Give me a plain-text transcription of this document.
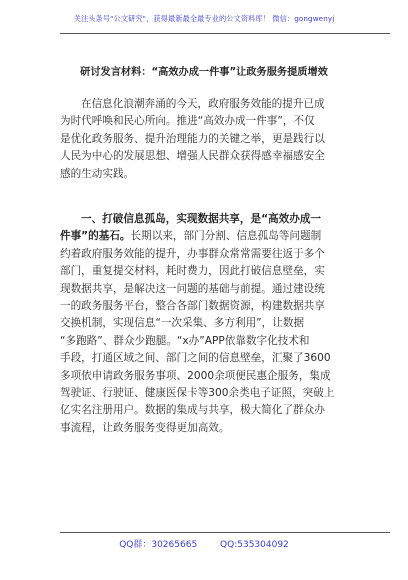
关注头条号"公文研究"，获得最新最全最专业的公文资料库！ 微信：gongwenyj
研讨发言材料：“高效办成一件事”让政务服务提质增效
在信息化浪潮奔涌的今天，政府服务效能的提升已成
为时代呼唤和民心所向。推进“高效办成一件事”，不仅
是优化政务服务、提升治理能力的关键之举，更是践行以
人民为中心的发展思想、增强人民群众获得感幸福感安全
感的生动实践。
一、打破信息孤岛，实现数据共享，是“高效办成一
件事”的基石。长期以来，部门分割、信息孤岛等问题制
约着政府服务效能的提升，办事群众常常需要往返于多个
部门，重复提交材料，耗时费力，因此打破信息壁垒，实
现数据共享，是解决这一问题的基础与前提。通过建设统
一的政务服务平台，整合各部门数据资源，构建数据共享
交换机制，实现信息“一次采集、多方利用”，让数据
“多跑路”、群众少跑腿。“x办”APP依靠数字化技术和
手段，打通区域之间、部门之间的信息壁垒，汇聚了3600
多项依申请政务服务事项、2000余项便民惠企服务，集成
驾驶证、行驶证、健康医保卡等300余类电子证照，突破上
亿实名注册用户。数据的集成与共享，极大简化了群众办
事流程，让政务服务变得更加高效。
QQ群：30265665	QQ:535304092
